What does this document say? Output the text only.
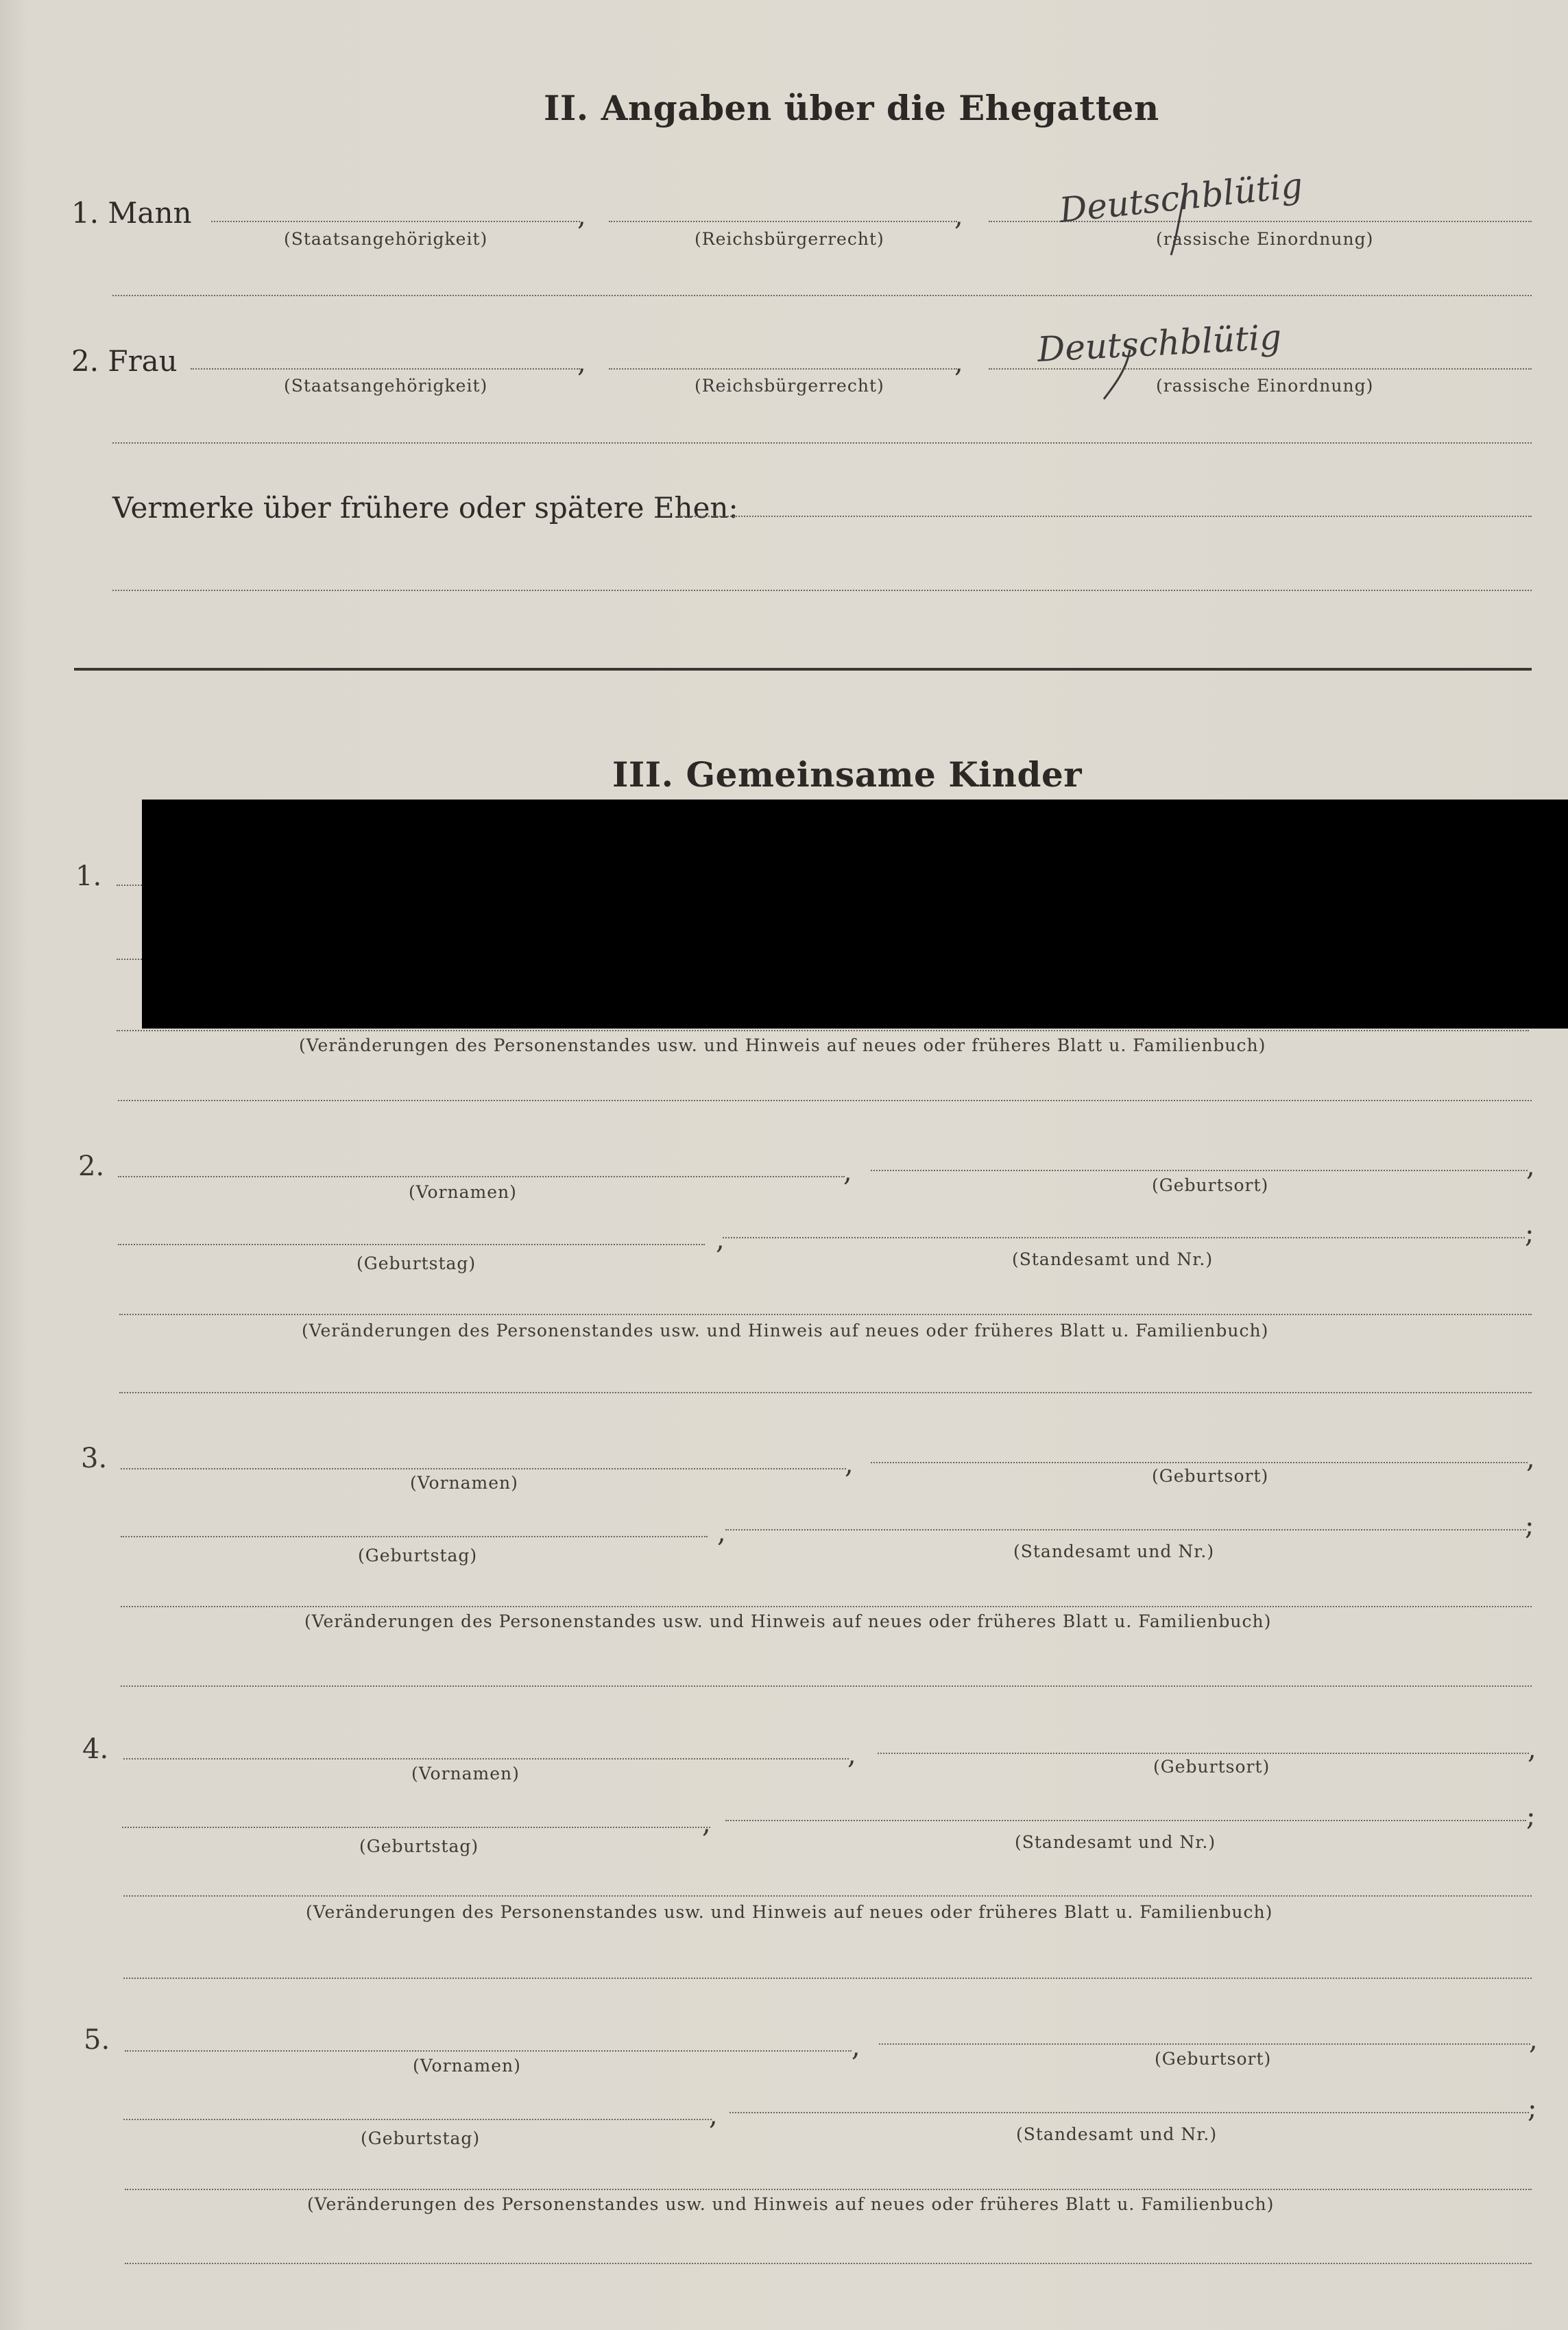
II. Angaben über die Ehegatten
1. Mann	,	,
(Staatsangehörigkeit)	(Reichsbürgerrecht)	(rassische Einordnung)
Deutschblütig
2. Frau	,	,
(Staatsangehörigkeit)	(Reichsbürgerrecht)	(rassische Einordnung)
Deutschblütig
Vermerke über frühere oder spätere Ehen:
III. Gemeinsame Kinder
1.
(Veränderungen des Personenstandes usw. und Hinweis auf neues oder früheres Blatt u. Familienbuch)
2.	,	,
(Vornamen)	(Geburtsort)
,	;
(Geburtstag)	(Standesamt und Nr.)
(Veränderungen des Personenstandes usw. und Hinweis auf neues oder früheres Blatt u. Familienbuch)
3.	,	,
(Vornamen)	(Geburtsort)
,	;
(Geburtstag)	(Standesamt und Nr.)
(Veränderungen des Personenstandes usw. und Hinweis auf neues oder früheres Blatt u. Familienbuch)
4.	,	,
(Vornamen)	(Geburtsort)
,	;
(Geburtstag)	(Standesamt und Nr.)
(Veränderungen des Personenstandes usw. und Hinweis auf neues oder früheres Blatt u. Familienbuch)
5.	,	,
(Vornamen)	(Geburtsort)
,	;
(Geburtstag)	(Standesamt und Nr.)
(Veränderungen des Personenstandes usw. und Hinweis auf neues oder früheres Blatt u. Familienbuch)
